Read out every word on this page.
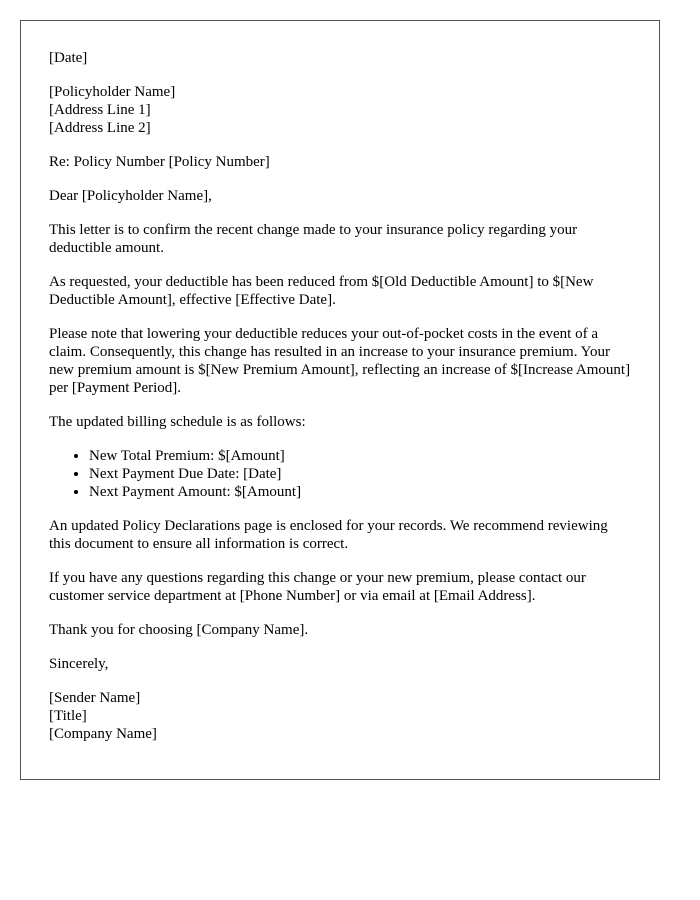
[Date]
[Policyholder Name]
[Address Line 1]
[Address Line 2]

Re: Policy Number [Policy Number]

Dear [Policyholder Name],

This letter is to confirm the recent change made to your insurance policy regarding your deductible amount.

As requested, your deductible has been reduced from $[Old Deductible Amount] to $[New Deductible Amount], effective [Effective Date].

Please note that lowering your deductible reduces your out-of-pocket costs in the event of a claim. Consequently, this change has resulted in an increase to your insurance premium. Your new premium amount is $[New Premium Amount], reflecting an increase of $[Increase Amount] per [Payment Period].

The updated billing schedule is as follows:

• New Total Premium: $[Amount]
• Next Payment Due Date: [Date]
• Next Payment Amount: $[Amount]

An updated Policy Declarations page is enclosed for your records. We recommend reviewing this document to ensure all information is correct.

If you have any questions regarding this change or your new premium, please contact our customer service department at [Phone Number] or via email at [Email Address].

Thank you for choosing [Company Name].

Sincerely,

[Sender Name]
[Title]
[Company Name]
